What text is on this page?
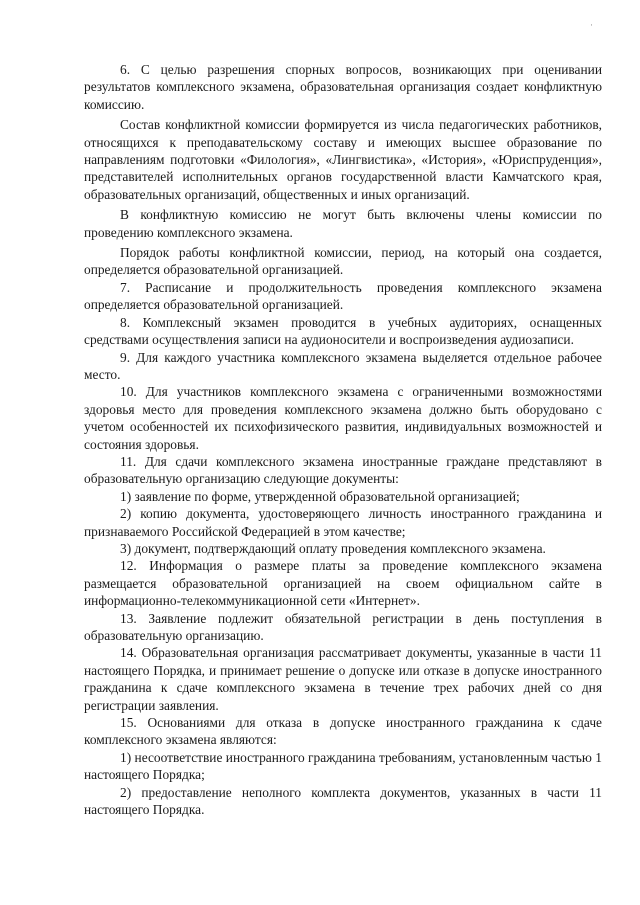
·

6. С целью разрешения спорных вопросов, возникающих при оценивании результатов комплексного экзамена, образовательная организация создает конфликтную комиссию.

Состав конфликтной комиссии формируется из числа педагогических работников, относящихся к преподавательскому составу и имеющих высшее образование по направлениям подготовки «Филология», «Лингвистика», «История», «Юриспруденция», представителей исполнительных органов государственной власти Камчатского края, образовательных организаций, общественных и иных организаций.

В конфликтную комиссию не могут быть включены члены комиссии по проведению комплексного экзамена.

Порядок работы конфликтной комиссии, период, на который она создается, определяется образовательной организацией.

7. Расписание и продолжительность проведения комплексного экзамена определяется образовательной организацией.

8. Комплексный экзамен проводится в учебных аудиториях, оснащенных средствами осуществления записи на аудионосители и воспроизведения аудиозаписи.

9. Для каждого участника комплексного экзамена выделяется отдельное рабочее место.

10. Для участников комплексного экзамена с ограниченными возможностями здоровья место для проведения комплексного экзамена должно быть оборудовано с учетом особенностей их психофизического развития, индивидуальных возможностей и состояния здоровья.

11. Для сдачи комплексного экзамена иностранные граждане представляют в образовательную организацию следующие документы:

1) заявление по форме, утвержденной образовательной организацией;

2) копию документа, удостоверяющего личность иностранного гражданина и признаваемого Российской Федерацией в этом качестве;

3) документ, подтверждающий оплату проведения комплексного экзамена.

12. Информация о размере платы за проведение комплексного экзамена размещается образовательной организацией на своем официальном сайте в информационно-телекоммуникационной сети «Интернет».

13. Заявление подлежит обязательной регистрации в день поступления в образовательную организацию.

14. Образовательная организация рассматривает документы, указанные в части 11 настоящего Порядка, и принимает решение о допуске или отказе в допуске иностранного гражданина к сдаче комплексного экзамена в течение трех рабочих дней со дня регистрации заявления.

15. Основаниями для отказа в допуске иностранного гражданина к сдаче комплексного экзамена являются:

1) несоответствие иностранного гражданина требованиям, установленным частью 1 настоящего Порядка;

2) предоставление неполного комплекта документов, указанных в части 11 настоящего Порядка.
